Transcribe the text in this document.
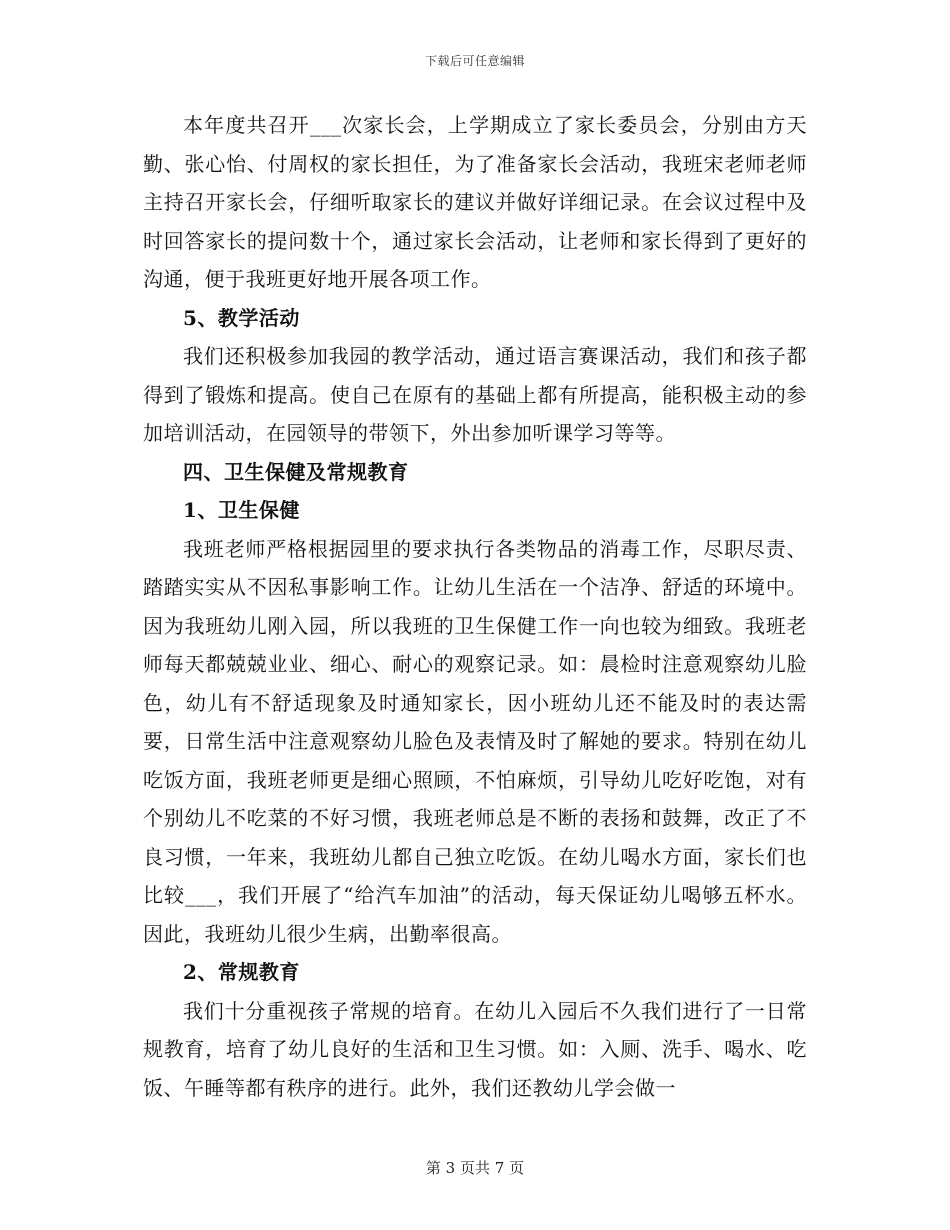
下载后可任意编辑

本年度共召开___次家长会，上学期成立了家长委员会，分别由方天勤、张心怡、付周权的家长担任，为了准备家长会活动，我班宋老师老师主持召开家长会，仔细听取家长的建议并做好详细记录。在会议过程中及时回答家长的提问数十个，通过家长会活动，让老师和家长得到了更好的沟通，便于我班更好地开展各项工作。

5、教学活动

我们还积极参加我园的教学活动，通过语言赛课活动，我们和孩子都得到了锻炼和提高。使自己在原有的基础上都有所提高，能积极主动的参加培训活动，在园领导的带领下，外出参加听课学习等等。

四、卫生保健及常规教育

1、卫生保健

我班老师严格根据园里的要求执行各类物品的消毒工作，尽职尽责、踏踏实实从不因私事影响工作。让幼儿生活在一个洁净、舒适的环境中。因为我班幼儿刚入园，所以我班的卫生保健工作一向也较为细致。我班老师每天都兢兢业业、细心、耐心的观察记录。如：晨检时注意观察幼儿脸色，幼儿有不舒适现象及时通知家长，因小班幼儿还不能及时的表达需要，日常生活中注意观察幼儿脸色及表情及时了解她的要求。特别在幼儿吃饭方面，我班老师更是细心照顾，不怕麻烦，引导幼儿吃好吃饱，对有个别幼儿不吃菜的不好习惯，我班老师总是不断的表扬和鼓舞，改正了不良习惯，一年来，我班幼儿都自己独立吃饭。在幼儿喝水方面，家长们也比较___，我们开展了“给汽车加油”的活动，每天保证幼儿喝够五杯水。因此，我班幼儿很少生病，出勤率很高。

2、常规教育

我们十分重视孩子常规的培育。在幼儿入园后不久我们进行了一日常规教育，培育了幼儿良好的生活和卫生习惯。如：入厕、洗手、喝水、吃饭、午睡等都有秩序的进行。此外，我们还教幼儿学会做一

第 3 页共 7 页
